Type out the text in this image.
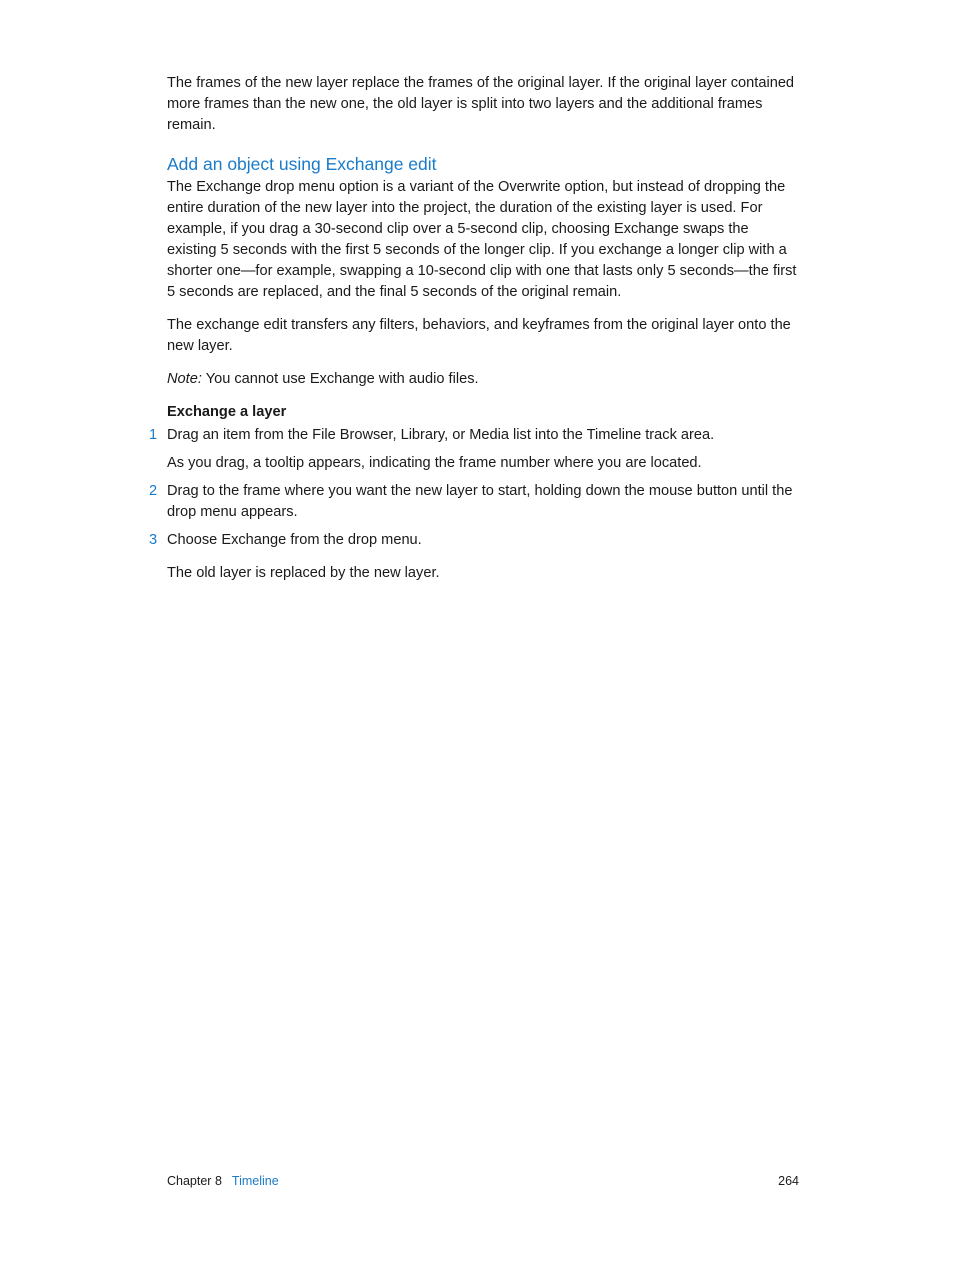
The frames of the new layer replace the frames of the original layer. If the original layer contained more frames than the new one, the old layer is split into two layers and the additional frames remain.

Add an object using Exchange edit

The Exchange drop menu option is a variant of the Overwrite option, but instead of dropping the entire duration of the new layer into the project, the duration of the existing layer is used. For example, if you drag a 30-second clip over a 5-second clip, choosing Exchange swaps the existing 5 seconds with the first 5 seconds of the longer clip. If you exchange a longer clip with a shorter one—for example, swapping a 10-second clip with one that lasts only 5 seconds—the first 5 seconds are replaced, and the final 5 seconds of the original remain.

The exchange edit transfers any filters, behaviors, and keyframes from the original layer onto the new layer.

Note: You cannot use Exchange with audio files.

Exchange a layer

1 Drag an item from the File Browser, Library, or Media list into the Timeline track area.

As you drag, a tooltip appears, indicating the frame number where you are located.

2 Drag to the frame where you want the new layer to start, holding down the mouse button until the drop menu appears.

3 Choose Exchange from the drop menu.

The old layer is replaced by the new layer.

Chapter 8 Timeline	264
